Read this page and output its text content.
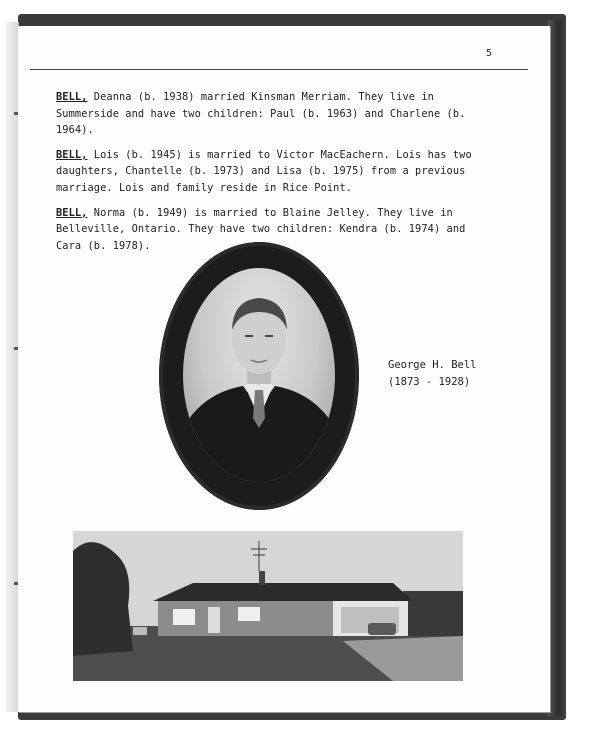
5

BELL, Deanna (b. 1938) married Kinsman Merriam. They live in Summerside and have two children: Paul (b. 1963) and Charlene (b. 1964).

BELL, Lois (b. 1945) is married to Victor MacEachern. Lois has two daughters, Chantelle (b. 1973) and Lisa (b. 1975) from a previous marriage. Lois and family reside in Rice Point.

BELL, Norma (b. 1949) is married to Blaine Jelley. They live in Belleville, Ontario. They have two children: Kendra (b. 1974) and Cara (b. 1978).

George H. Bell
(1873 - 1928)
